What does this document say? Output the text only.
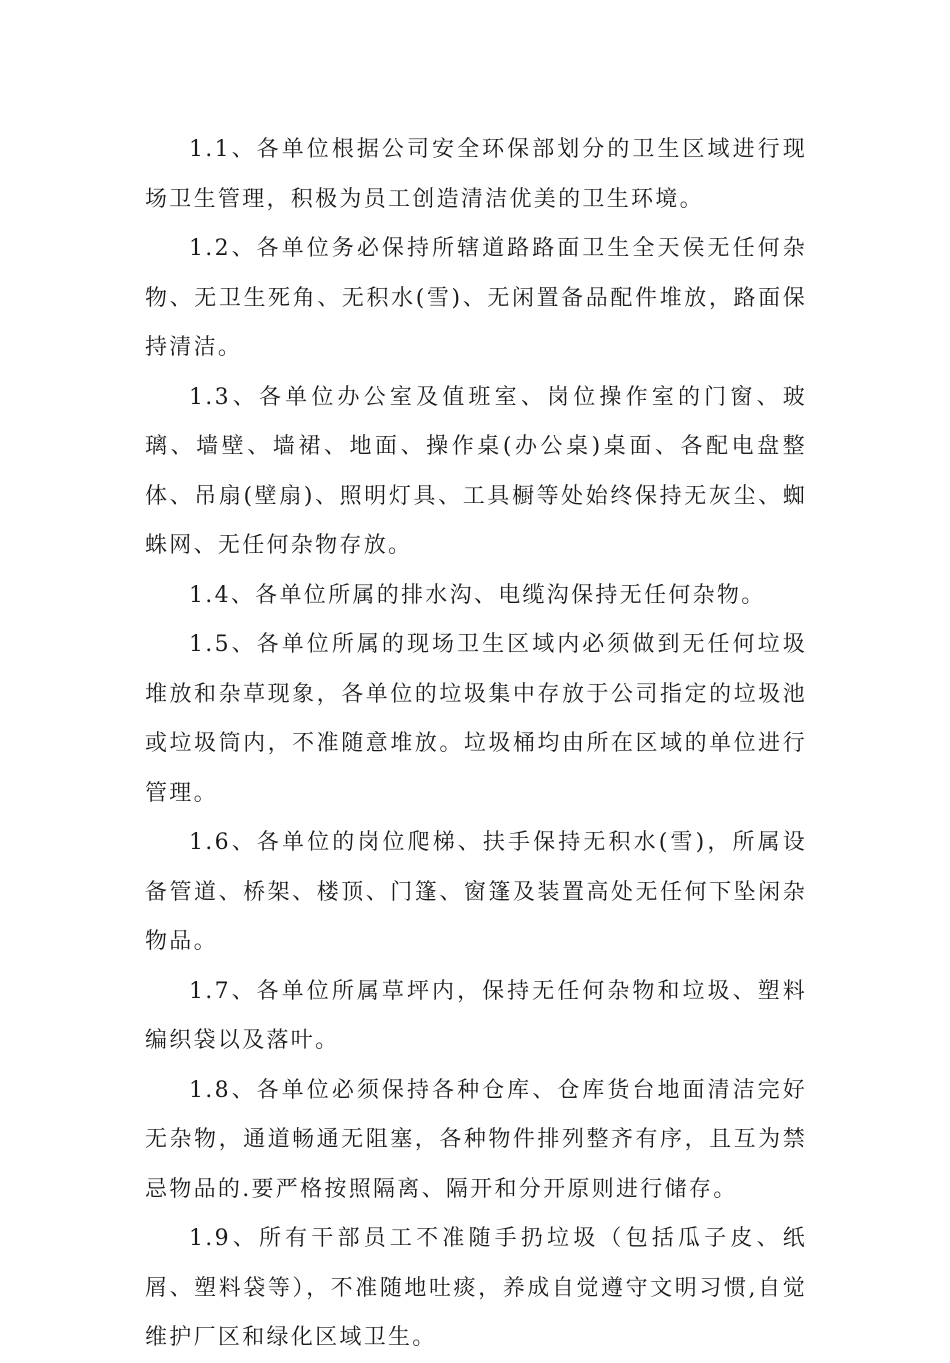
1.1、各单位根据公司安全环保部划分的卫生区域进行现场卫生管理，积极为员工创造清洁优美的卫生环境。

1.2、各单位务必保持所辖道路路面卫生全天侯无任何杂物、无卫生死角、无积水(雪)、无闲置备品配件堆放，路面保持清洁。

1.3、各单位办公室及值班室、岗位操作室的门窗、玻璃、墙壁、墙裙、地面、操作桌(办公桌)桌面、各配电盘整体、吊扇(壁扇)、照明灯具、工具橱等处始终保持无灰尘、蜘蛛网、无任何杂物存放。

1.4、各单位所属的排水沟、电缆沟保持无任何杂物。

1.5、各单位所属的现场卫生区域内必须做到无任何垃圾堆放和杂草现象，各单位的垃圾集中存放于公司指定的垃圾池或垃圾筒内，不准随意堆放。垃圾桶均由所在区域的单位进行管理。

1.6、各单位的岗位爬梯、扶手保持无积水(雪)，所属设备管道、桥架、楼顶、门篷、窗篷及装置高处无任何下坠闲杂物品。

1.7、各单位所属草坪内，保持无任何杂物和垃圾、塑料编织袋以及落叶。

1.8、各单位必须保持各种仓库、仓库货台地面清洁完好无杂物，通道畅通无阻塞，各种物件排列整齐有序，且互为禁忌物品的.要严格按照隔离、隔开和分开原则进行储存。

1.9、所有干部员工不准随手扔垃圾（包括瓜子皮、纸屑、塑料袋等），不准随地吐痰，养成自觉遵守文明习惯,自觉维护厂区和绿化区域卫生。
